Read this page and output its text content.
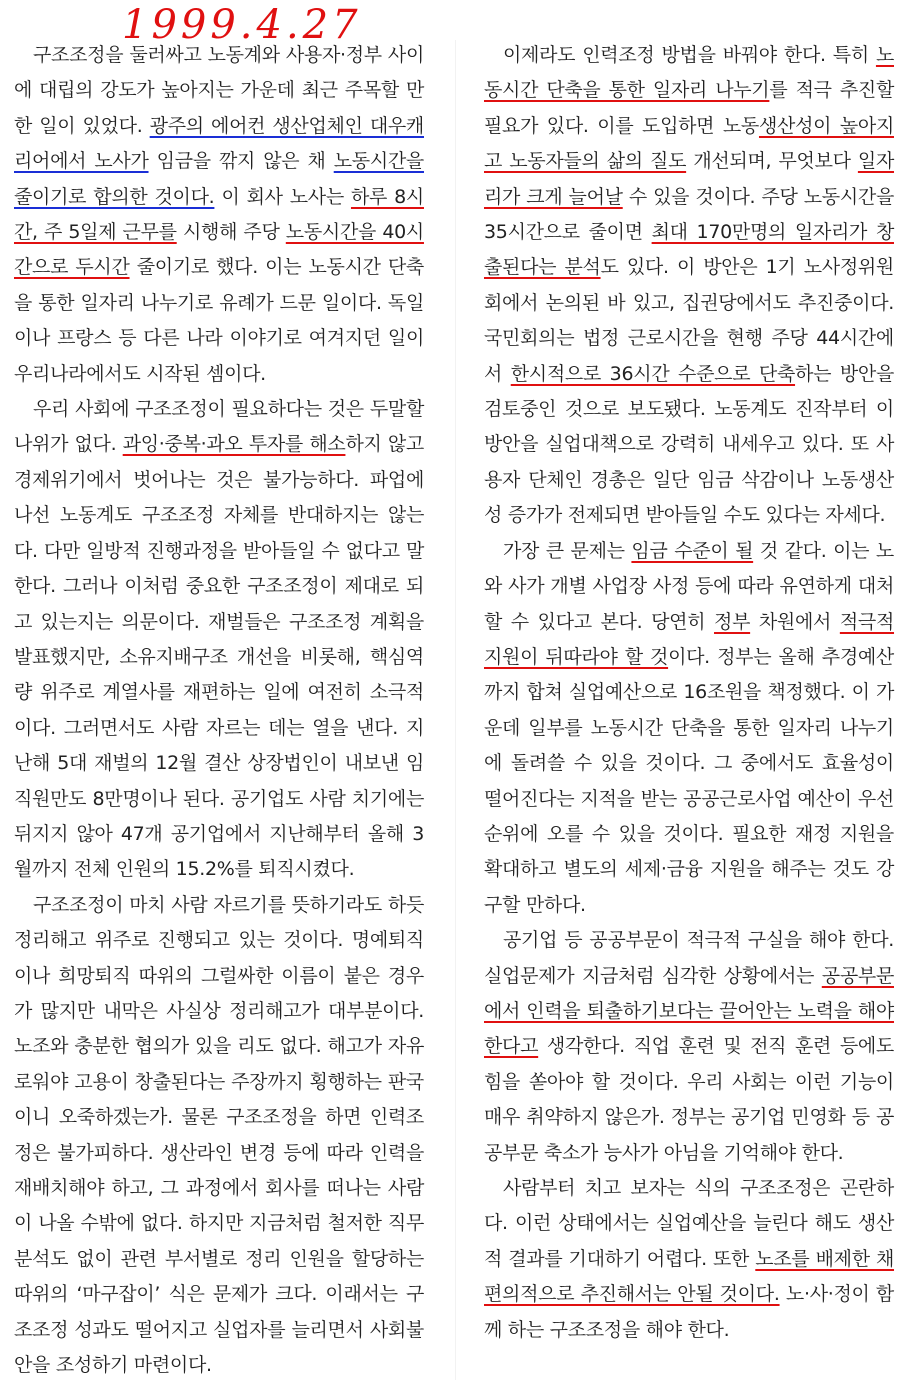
1999.4.27

구조조정을 둘러싸고 노동계와 사용자·정부 사이에 대립의 강도가 높아지는 가운데 최근 주목할 만한 일이 있었다. 광주의 에어컨 생산업체인 대우캐리어에서 노사가 임금을 깎지 않은 채 노동시간을 줄이기로 합의한 것이다. 이 회사 노사는 하루 8시간, 주 5일제 근무를 시행해 주당 노동시간을 40시간으로 두시간 줄이기로 했다. 이는 노동시간 단축을 통한 일자리 나누기로 유례가 드문 일이다. 독일이나 프랑스 등 다른 나라 이야기로 여겨지던 일이 우리나라에서도 시작된 셈이다.

우리 사회에 구조조정이 필요하다는 것은 두말할 나위가 없다. 과잉·중복·과오 투자를 해소하지 않고 경제위기에서 벗어나는 것은 불가능하다. 파업에 나선 노동계도 구조조정 자체를 반대하지는 않는다. 다만 일방적 진행과정을 받아들일 수 없다고 말한다. 그러나 이처럼 중요한 구조조정이 제대로 되고 있는지는 의문이다. 재벌들은 구조조정 계획을 발표했지만, 소유지배구조 개선을 비롯해, 핵심역량 위주로 계열사를 재편하는 일에 여전히 소극적이다. 그러면서도 사람 자르는 데는 열을 낸다. 지난해 5대 재벌의 12월 결산 상장법인이 내보낸 임직원만도 8만명이나 된다. 공기업도 사람 치기에는 뒤지지 않아 47개 공기업에서 지난해부터 올해 3월까지 전체 인원의 15.2%를 퇴직시켰다.

구조조정이 마치 사람 자르기를 뜻하기라도 하듯 정리해고 위주로 진행되고 있는 것이다. 명예퇴직이나 희망퇴직 따위의 그럴싸한 이름이 붙은 경우가 많지만 내막은 사실상 정리해고가 대부분이다. 노조와 충분한 협의가 있을 리도 없다. 해고가 자유로워야 고용이 창출된다는 주장까지 횡행하는 판국이니 오죽하겠는가. 물론 구조조정을 하면 인력조정은 불가피하다. 생산라인 변경 등에 따라 인력을 재배치해야 하고, 그 과정에서 회사를 떠나는 사람이 나올 수밖에 없다. 하지만 지금처럼 철저한 직무분석도 없이 관련 부서별로 정리 인원을 할당하는 따위의 ‘마구잡이’ 식은 문제가 크다. 이래서는 구조조정 성과도 떨어지고 실업자를 늘리면서 사회불안을 조성하기 마련이다.

이제라도 인력조정 방법을 바꿔야 한다. 특히 노동시간 단축을 통한 일자리 나누기를 적극 추진할 필요가 있다. 이를 도입하면 노동생산성이 높아지고 노동자들의 삶의 질도 개선되며, 무엇보다 일자리가 크게 늘어날 수 있을 것이다. 주당 노동시간을 35시간으로 줄이면 최대 170만명의 일자리가 창출된다는 분석도 있다. 이 방안은 1기 노사정위원회에서 논의된 바 있고, 집권당에서도 추진중이다. 국민회의는 법정 근로시간을 현행 주당 44시간에서 한시적으로 36시간 수준으로 단축하는 방안을 검토중인 것으로 보도됐다. 노동계도 진작부터 이 방안을 실업대책으로 강력히 내세우고 있다. 또 사용자 단체인 경총은 일단 임금 삭감이나 노동생산성 증가가 전제되면 받아들일 수도 있다는 자세다.

가장 큰 문제는 임금 수준이 될 것 같다. 이는 노와 사가 개별 사업장 사정 등에 따라 유연하게 대처할 수 있다고 본다. 당연히 정부 차원에서 적극적 지원이 뒤따라야 할 것이다. 정부는 올해 추경예산까지 합쳐 실업예산으로 16조원을 책정했다. 이 가운데 일부를 노동시간 단축을 통한 일자리 나누기에 돌려쓸 수 있을 것이다. 그 중에서도 효율성이 떨어진다는 지적을 받는 공공근로사업 예산이 우선 순위에 오를 수 있을 것이다. 필요한 재정 지원을 확대하고 별도의 세제·금융 지원을 해주는 것도 강구할 만하다.

공기업 등 공공부문이 적극적 구실을 해야 한다. 실업문제가 지금처럼 심각한 상황에서는 공공부문에서 인력을 퇴출하기보다는 끌어안는 노력을 해야 한다고 생각한다. 직업 훈련 및 전직 훈련 등에도 힘을 쏟아야 할 것이다. 우리 사회는 이런 기능이 매우 취약하지 않은가. 정부는 공기업 민영화 등 공공부문 축소가 능사가 아님을 기억해야 한다.

사람부터 치고 보자는 식의 구조조정은 곤란하다. 이런 상태에서는 실업예산을 늘린다 해도 생산적 결과를 기대하기 어렵다. 또한 노조를 배제한 채 편의적으로 추진해서는 안될 것이다. 노·사·정이 함께 하는 구조조정을 해야 한다.
